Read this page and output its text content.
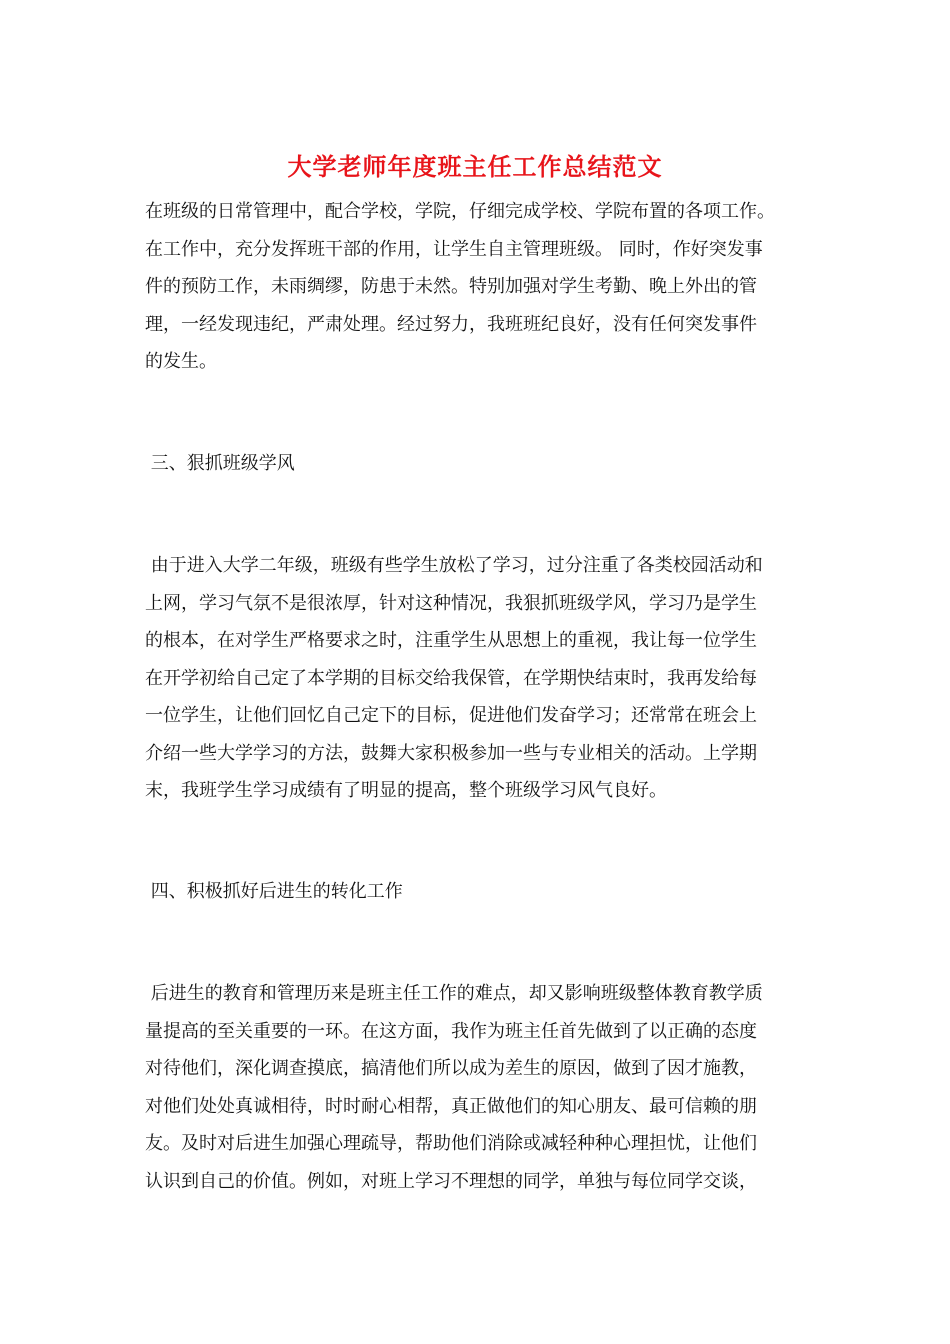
大学老师年度班主任工作总结范文
在班级的日常管理中，配合学校，学院，仔细完成学校、学院布置的各项工作。
在工作中，充分发挥班干部的作用，让学生自主管理班级。 同时，作好突发事
件的预防工作，未雨绸缪，防患于未然。特别加强对学生考勤、晚上外出的管
理，一经发现违纪，严肃处理。经过努力，我班班纪良好，没有任何突发事件
的发生。
三、狠抓班级学风
由于进入大学二年级，班级有些学生放松了学习，过分注重了各类校园活动和
上网，学习气氛不是很浓厚，针对这种情况，我狠抓班级学风，学习乃是学生
的根本，在对学生严格要求之时，注重学生从思想上的重视，我让每一位学生
在开学初给自己定了本学期的目标交给我保管，在学期快结束时，我再发给每
一位学生，让他们回忆自己定下的目标，促进他们发奋学习；还常常在班会上
介绍一些大学学习的方法，鼓舞大家积极参加一些与专业相关的活动。上学期
末，我班学生学习成绩有了明显的提高，整个班级学习风气良好。
四、积极抓好后进生的转化工作
后进生的教育和管理历来是班主任工作的难点，却又影响班级整体教育教学质
量提高的至关重要的一环。在这方面，我作为班主任首先做到了以正确的态度
对待他们，深化调查摸底，搞清他们所以成为差生的原因，做到了因才施教，
对他们处处真诚相待，时时耐心相帮，真正做他们的知心朋友、最可信赖的朋
友。及时对后进生加强心理疏导，帮助他们消除或减轻种种心理担忧，让他们
认识到自己的价值。例如，对班上学习不理想的同学，单独与每位同学交谈，
